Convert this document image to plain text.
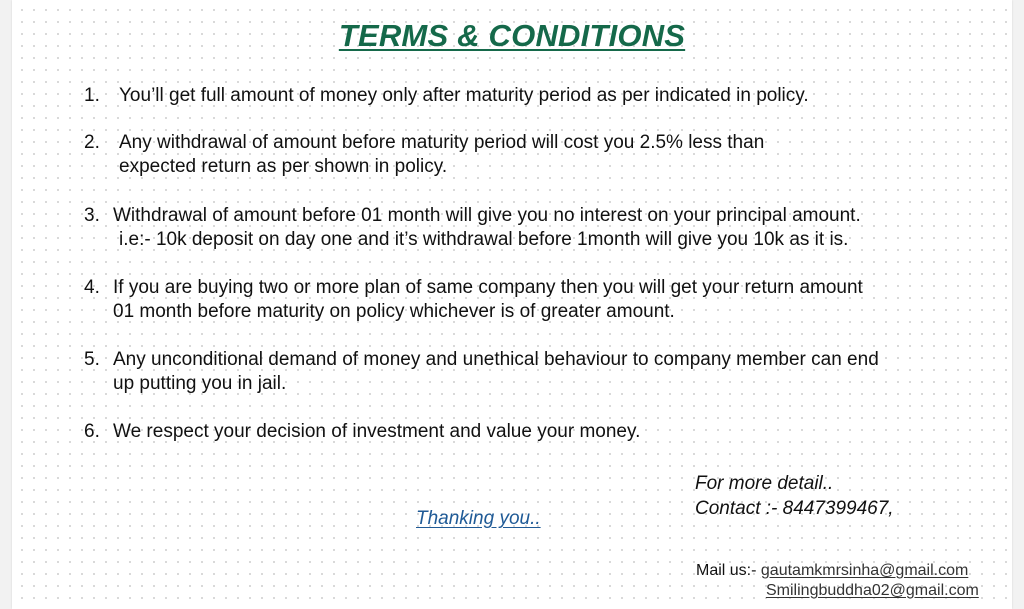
TERMS & CONDITIONS
1.	You’ll get full amount of money only after maturity period as per indicated in policy.
2.	Any withdrawal of amount before maturity period will cost you 2.5% less than
expected return as per shown in policy.
3. Withdrawal of amount before 01 month will give you no interest on your principal amount.
i.e:- 10k deposit on day one and it’s withdrawal before 1month will give you 10k as it is.
4. If you are buying two or more plan of same company then you will get your return amount
01 month before maturity on policy whichever is of greater amount.
5. Any unconditional demand of money and unethical behaviour to company member can end
up putting you in jail.
6. We respect your decision of investment and value your money.
For more detail..
Contact :- 8447399467,
Thanking you..
Mail us:- gautamkmrsinha@gmail.com
Smilingbuddha02@gmail.com
